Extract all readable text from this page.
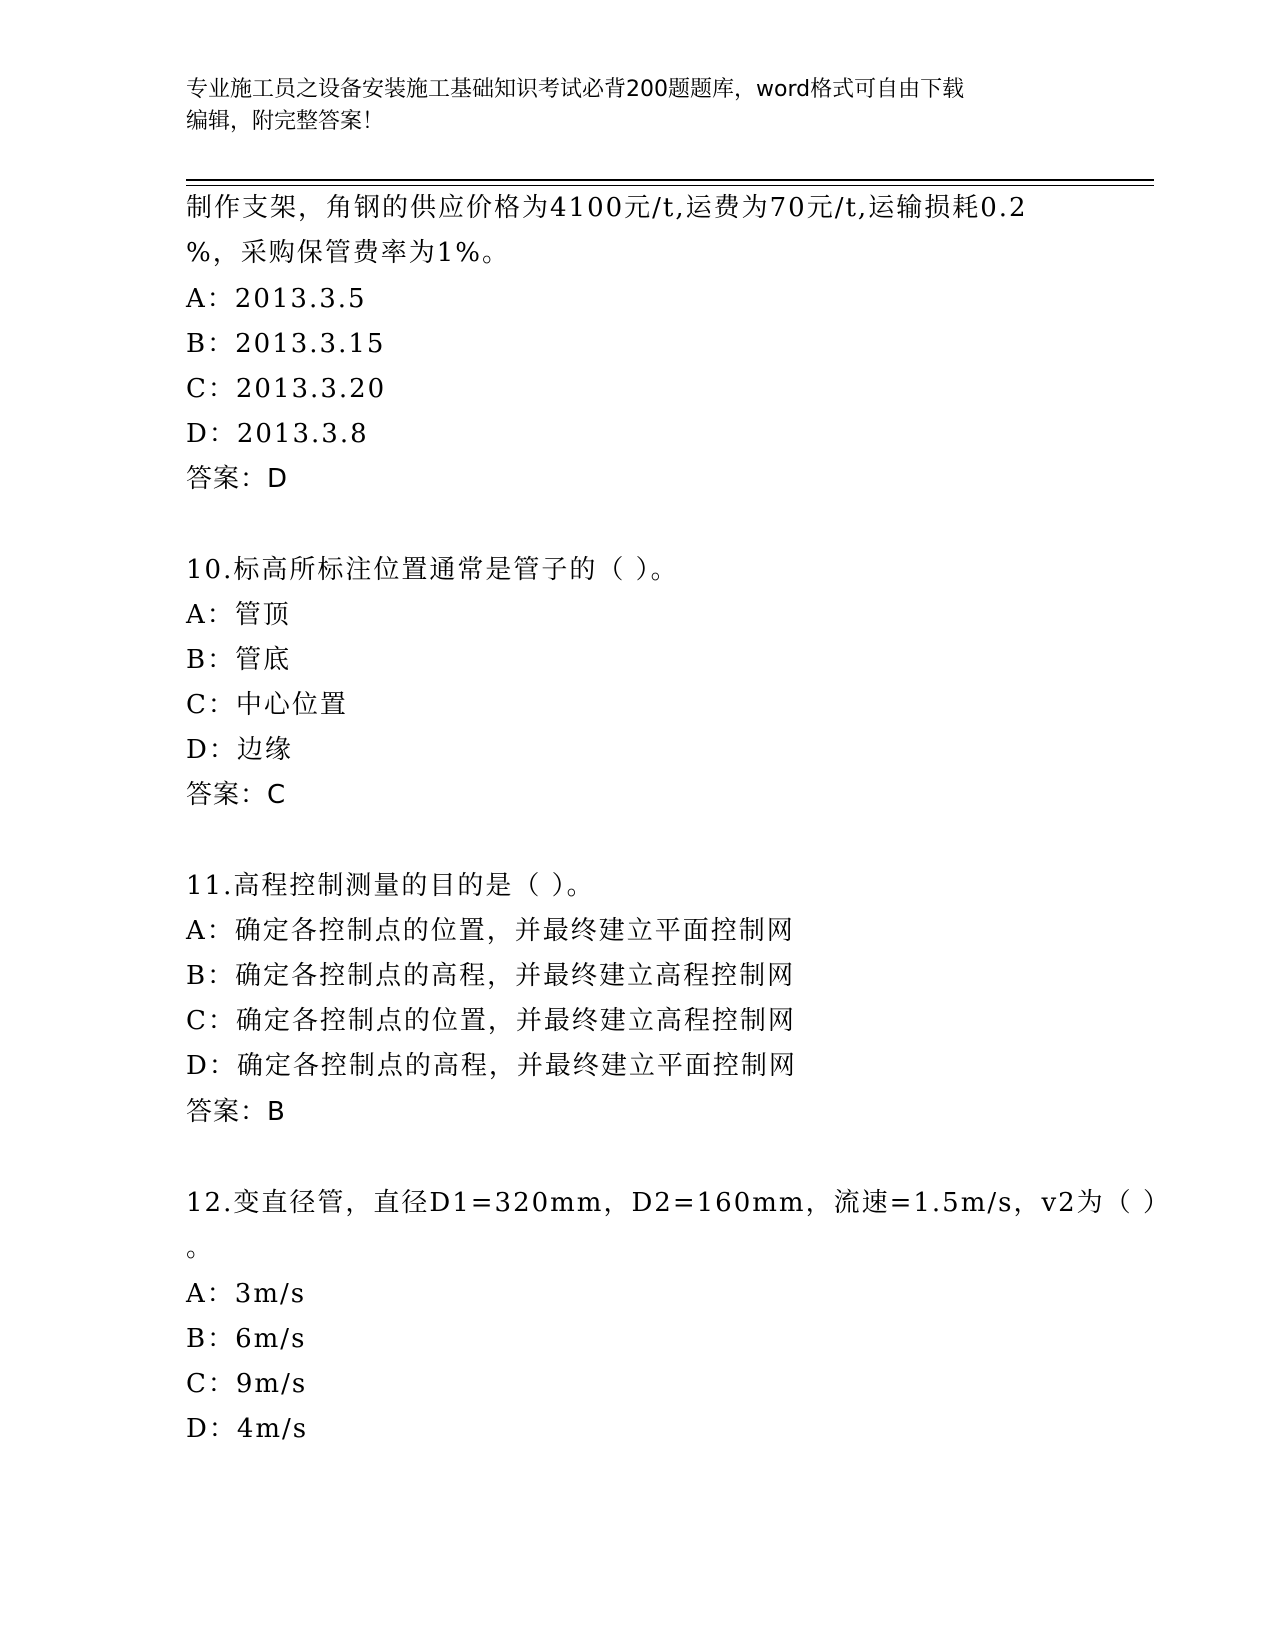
专业施工员之设备安装施工基础知识考试必背200题题库，word格式可自由下载
编辑，附完整答案！
制作支架，角钢的供应价格为4100元/t,运费为70元/t,运输损耗0.2
%，采购保管费率为1%。
A：2013.3.5
B：2013.3.15
C：2013.3.20
D：2013.3.8
答案：D
10.标高所标注位置通常是管子的（ ）。
A：管顶
B：管底
C：中心位置
D：边缘
答案：C
11.高程控制测量的目的是（ ）。
A：确定各控制点的位置，并最终建立平面控制网
B：确定各控制点的高程，并最终建立高程控制网
C：确定各控制点的位置，并最终建立高程控制网
D：确定各控制点的高程，并最终建立平面控制网
答案：B
12.变直径管，直径D1=320mm，D2=160mm，流速=1.5m/s，v2为（ ）
。
A：3m/s
B：6m/s
C：9m/s
D：4m/s
